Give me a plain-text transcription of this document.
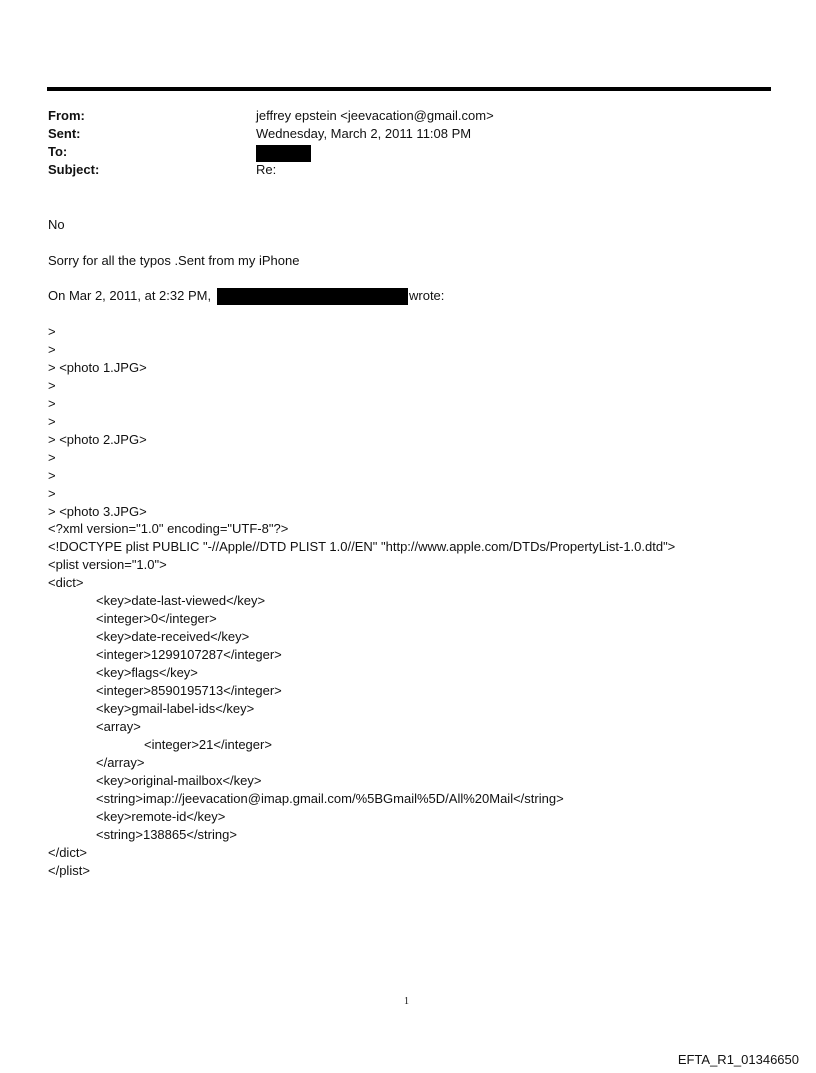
From:	jeffrey epstein <jeevacation@gmail.com>
Sent:	Wednesday, March 2, 2011 11:08 PM
To:
Subject:	Re:
No
Sorry for all the typos .Sent from my iPhone
On Mar 2, 2011, at 2:32 PM,	wrote:
>
>
> <photo 1.JPG>
>
>
>
> <photo 2.JPG>
>
>
>
> <photo 3.JPG>
<?xml version="1.0" encoding="UTF-8"?>
<!DOCTYPE plist PUBLIC "-//Apple//DTD PLIST 1.0//EN" "http://www.apple.com/DTDs/PropertyList-1.0.dtd">
<plist version="1.0">
<dict>
<key>date-last-viewed</key>
<integer>0</integer>
<key>date-received</key>
<integer>1299107287</integer>
<key>flags</key>
<integer>8590195713</integer>
<key>gmail-label-ids</key>
<array>
<integer>21</integer>
</array>
<key>original-mailbox</key>
<string>imap://jeevacation@imap.gmail.com/%5BGmail%5D/All%20Mail</string>
<key>remote-id</key>
<string>138865</string>
</dict>
</plist>
1
EFTA_R1_01346650
